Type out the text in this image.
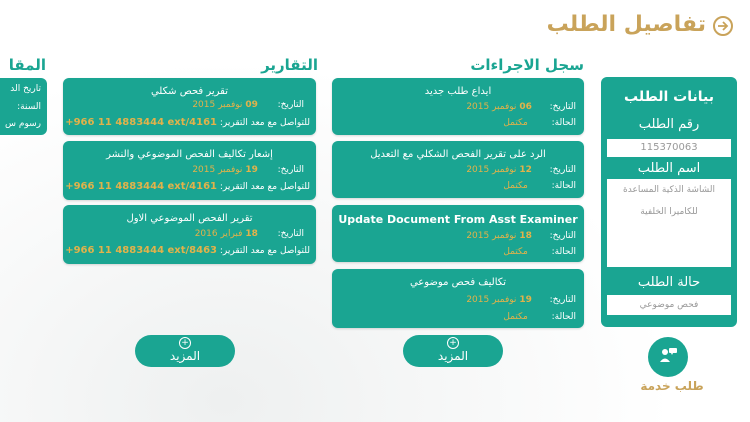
تفاصيل الطلب
بيانات الطلب
رقم الطلب
115370063
اسم الطلب
الشاشة الذكية المساعدة
للكاميرا الخلفية
حالة الطلب
فحص موضوعي
طلب خدمة
سجل الاجراءات
ايداع طلب جديد
التاريخ:  06 نوفمبر 2015
الحالة:  مكتمل
الرد على تقرير الفحص الشكلي مع التعديل
التاريخ:  12 نوفمبر 2015
الحالة:  مكتمل
Update Document From Asst Examiner
التاريخ:  18 نوفمبر 2015
الحالة:  مكتمل
تكاليف فحص موضوعي
التاريخ:  19 نوفمبر 2015
الحالة:  مكتمل
+
المزيد
التقارير
تقرير فحص شكلي
التاريخ:  09 نوفمبر 2015
للتواصل مع معد التقرير: +966 11 4883444 ext/4161
إشعار تكاليف الفحص الموضوعي والنشر
التاريخ:  19 نوفمبر 2015
للتواصل مع معد التقرير: +966 11 4883444 ext/4161
تقرير الفحص الموضوعي الاول
التاريخ:  18 فبراير 2016
للتواصل مع معد التقرير: +966 11 4883444 ext/8463
+
المزيد
المقا
تاريخ الد
السنة:
رسوم س
